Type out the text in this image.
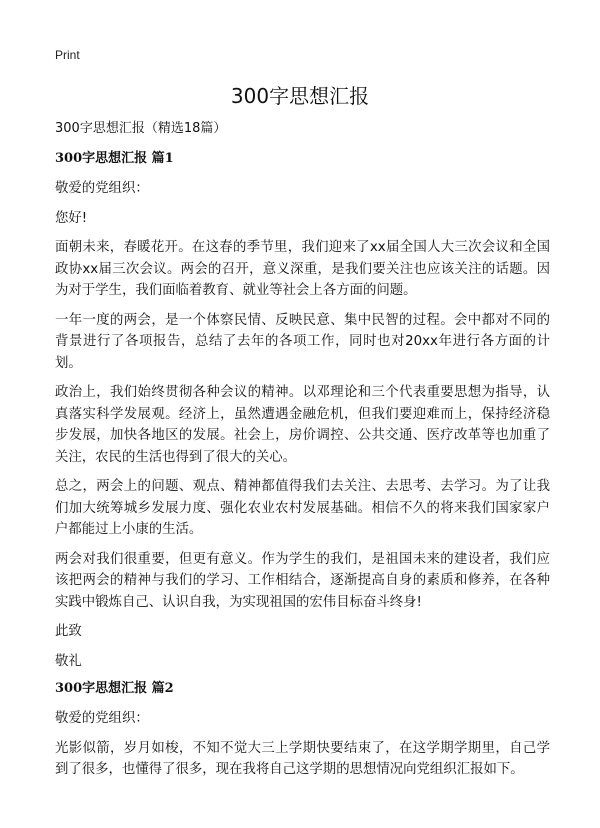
Print
300字思想汇报
300字思想汇报（精选18篇）
300字思想汇报 篇1
敬爱的党组织：
您好!
面朝未来，春暖花开。在这春的季节里，我们迎来了xx届全国人大三次会议和全国政协xx届三次会议。两会的召开，意义深重，是我们要关注也应该关注的话题。因为对于学生，我们面临着教育、就业等社会上各方面的问题。
一年一度的两会，是一个体察民情、反映民意、集中民智的过程。会中都对不同的背景进行了各项报告，总结了去年的各项工作，同时也对20xx年进行各方面的计划。
政治上，我们始终贯彻各种会议的精神。以邓理论和三个代表重要思想为指导，认真落实科学发展观。经济上，虽然遭遇金融危机，但我们要迎难而上，保持经济稳步发展，加快各地区的发展。社会上，房价调控、公共交通、医疗改革等也加重了关注，农民的生活也得到了很大的关心。
总之，两会上的问题、观点、精神都值得我们去关注、去思考、去学习。为了让我们加大统筹城乡发展力度、强化农业农村发展基础。相信不久的将来我们国家家户户都能过上小康的生活。
两会对我们很重要，但更有意义。作为学生的我们，是祖国未来的建设者，我们应该把两会的精神与我们的学习、工作相结合，逐渐提高自身的素质和修养，在各种实践中锻炼自己、认识自我，为实现祖国的宏伟目标奋斗终身!
此致
敬礼
300字思想汇报 篇2
敬爱的党组织：
光影似箭，岁月如梭，不知不觉大三上学期快要结束了，在这学期学期里，自己学到了很多，也懂得了很多，现在我将自己这学期的思想情况向党组织汇报如下。
